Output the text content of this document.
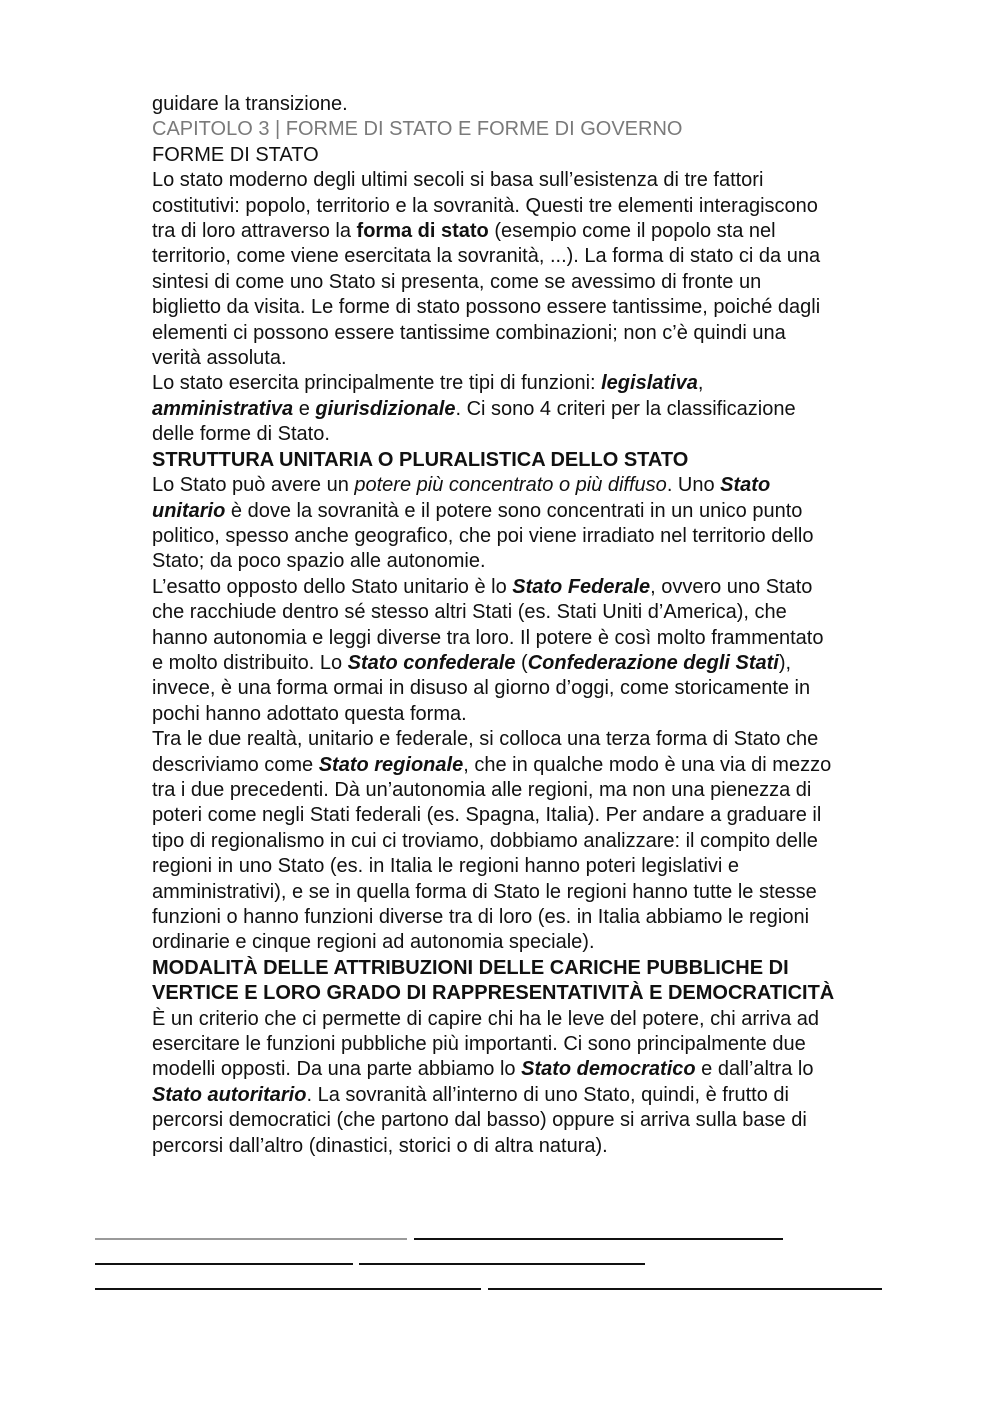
guidare la transizione.
CAPITOLO 3 | FORME DI STATO E FORME DI GOVERNO
FORME DI STATO
Lo stato moderno degli ultimi secoli si basa sull’esistenza di tre fattori
costitutivi: popolo, territorio e la sovranità. Questi tre elementi interagiscono
tra di loro attraverso la forma di stato (esempio come il popolo sta nel
territorio, come viene esercitata la sovranità, ...). La forma di stato ci da una
sintesi di come uno Stato si presenta, come se avessimo di fronte un
biglietto da visita. Le forme di stato possono essere tantissime, poiché dagli
elementi ci possono essere tantissime combinazioni; non c’è quindi una
verità assoluta.
Lo stato esercita principalmente tre tipi di funzioni: legislativa,
amministrativa e giurisdizionale. Ci sono 4 criteri per la classificazione
delle forme di Stato.
STRUTTURA UNITARIA O PLURALISTICA DELLO STATO
Lo Stato può avere un potere più concentrato o più diffuso. Uno Stato
unitario è dove la sovranità e il potere sono concentrati in un unico punto
politico, spesso anche geografico, che poi viene irradiato nel territorio dello
Stato; da poco spazio alle autonomie.
L’esatto opposto dello Stato unitario è lo Stato Federale, ovvero uno Stato
che racchiude dentro sé stesso altri Stati (es. Stati Uniti d’America), che
hanno autonomia e leggi diverse tra loro. Il potere è così molto frammentato
e molto distribuito. Lo Stato confederale (Confederazione degli Stati),
invece, è una forma ormai in disuso al giorno d’oggi, come storicamente in
pochi hanno adottato questa forma.
Tra le due realtà, unitario e federale, si colloca una terza forma di Stato che
descriviamo come Stato regionale, che in qualche modo è una via di mezzo
tra i due precedenti. Dà un’autonomia alle regioni, ma non una pienezza di
poteri come negli Stati federali (es. Spagna, Italia). Per andare a graduare il
tipo di regionalismo in cui ci troviamo, dobbiamo analizzare: il compito delle
regioni in uno Stato (es. in Italia le regioni hanno poteri legislativi e
amministrativi), e se in quella forma di Stato le regioni hanno tutte le stesse
funzioni o hanno funzioni diverse tra di loro (es. in Italia abbiamo le regioni
ordinarie e cinque regioni ad autonomia speciale).
MODALITÀ DELLE ATTRIBUZIONI DELLE CARICHE PUBBLICHE DI
VERTICE E LORO GRADO DI RAPPRESENTATIVITÀ E DEMOCRATICITÀ
È un criterio che ci permette di capire chi ha le leve del potere, chi arriva ad
esercitare le funzioni pubbliche più importanti. Ci sono principalmente due
modelli opposti. Da una parte abbiamo lo Stato democratico e dall’altra lo
Stato autoritario. La sovranità all’interno di uno Stato, quindi, è frutto di
percorsi democratici (che partono dal basso) oppure si arriva sulla base di
percorsi dall’altro (dinastici, storici o di altra natura).
